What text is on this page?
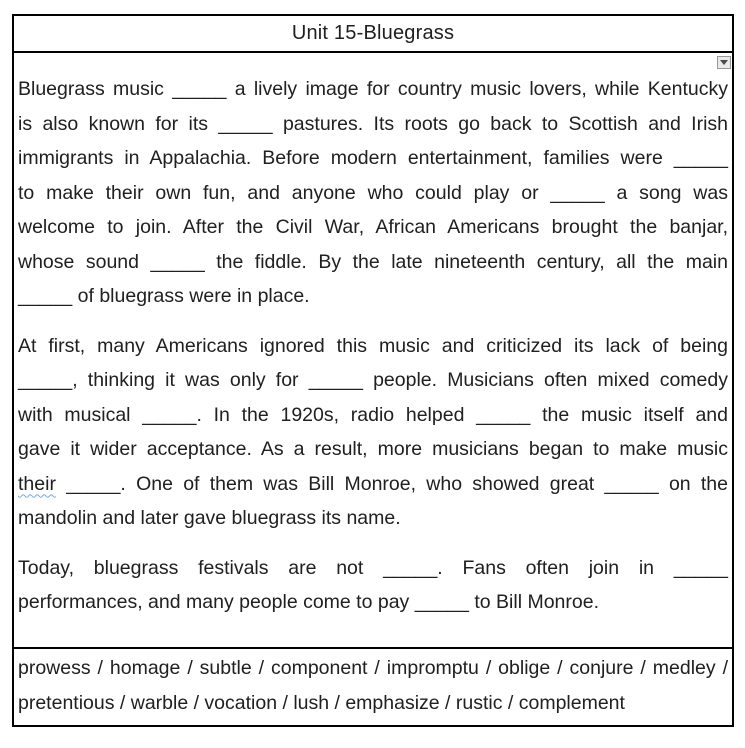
Unit 15-Bluegrass
Bluegrass music _____ a lively image for country music lovers, while Kentucky
is also known for its _____ pastures. Its roots go back to Scottish and Irish
immigrants in Appalachia. Before modern entertainment, families were _____
to make their own fun, and anyone who could play or _____ a song was
welcome to join. After the Civil War, African Americans brought the banjar,
whose sound _____ the fiddle. By the late nineteenth century, all the main
_____ of bluegrass were in place.
At first, many Americans ignored this music and criticized its lack of being
_____, thinking it was only for _____ people. Musicians often mixed comedy
with musical _____. In the 1920s, radio helped _____ the music itself and
gave it wider acceptance. As a result, more musicians began to make music
their _____. One of them was Bill Monroe, who showed great _____ on the
mandolin and later gave bluegrass its name.
Today, bluegrass festivals are not _____. Fans often join in _____
performances, and many people come to pay _____ to Bill Monroe.
prowess / homage / subtle / component / impromptu / oblige / conjure / medley /
pretentious / warble / vocation / lush / emphasize / rustic / complement
